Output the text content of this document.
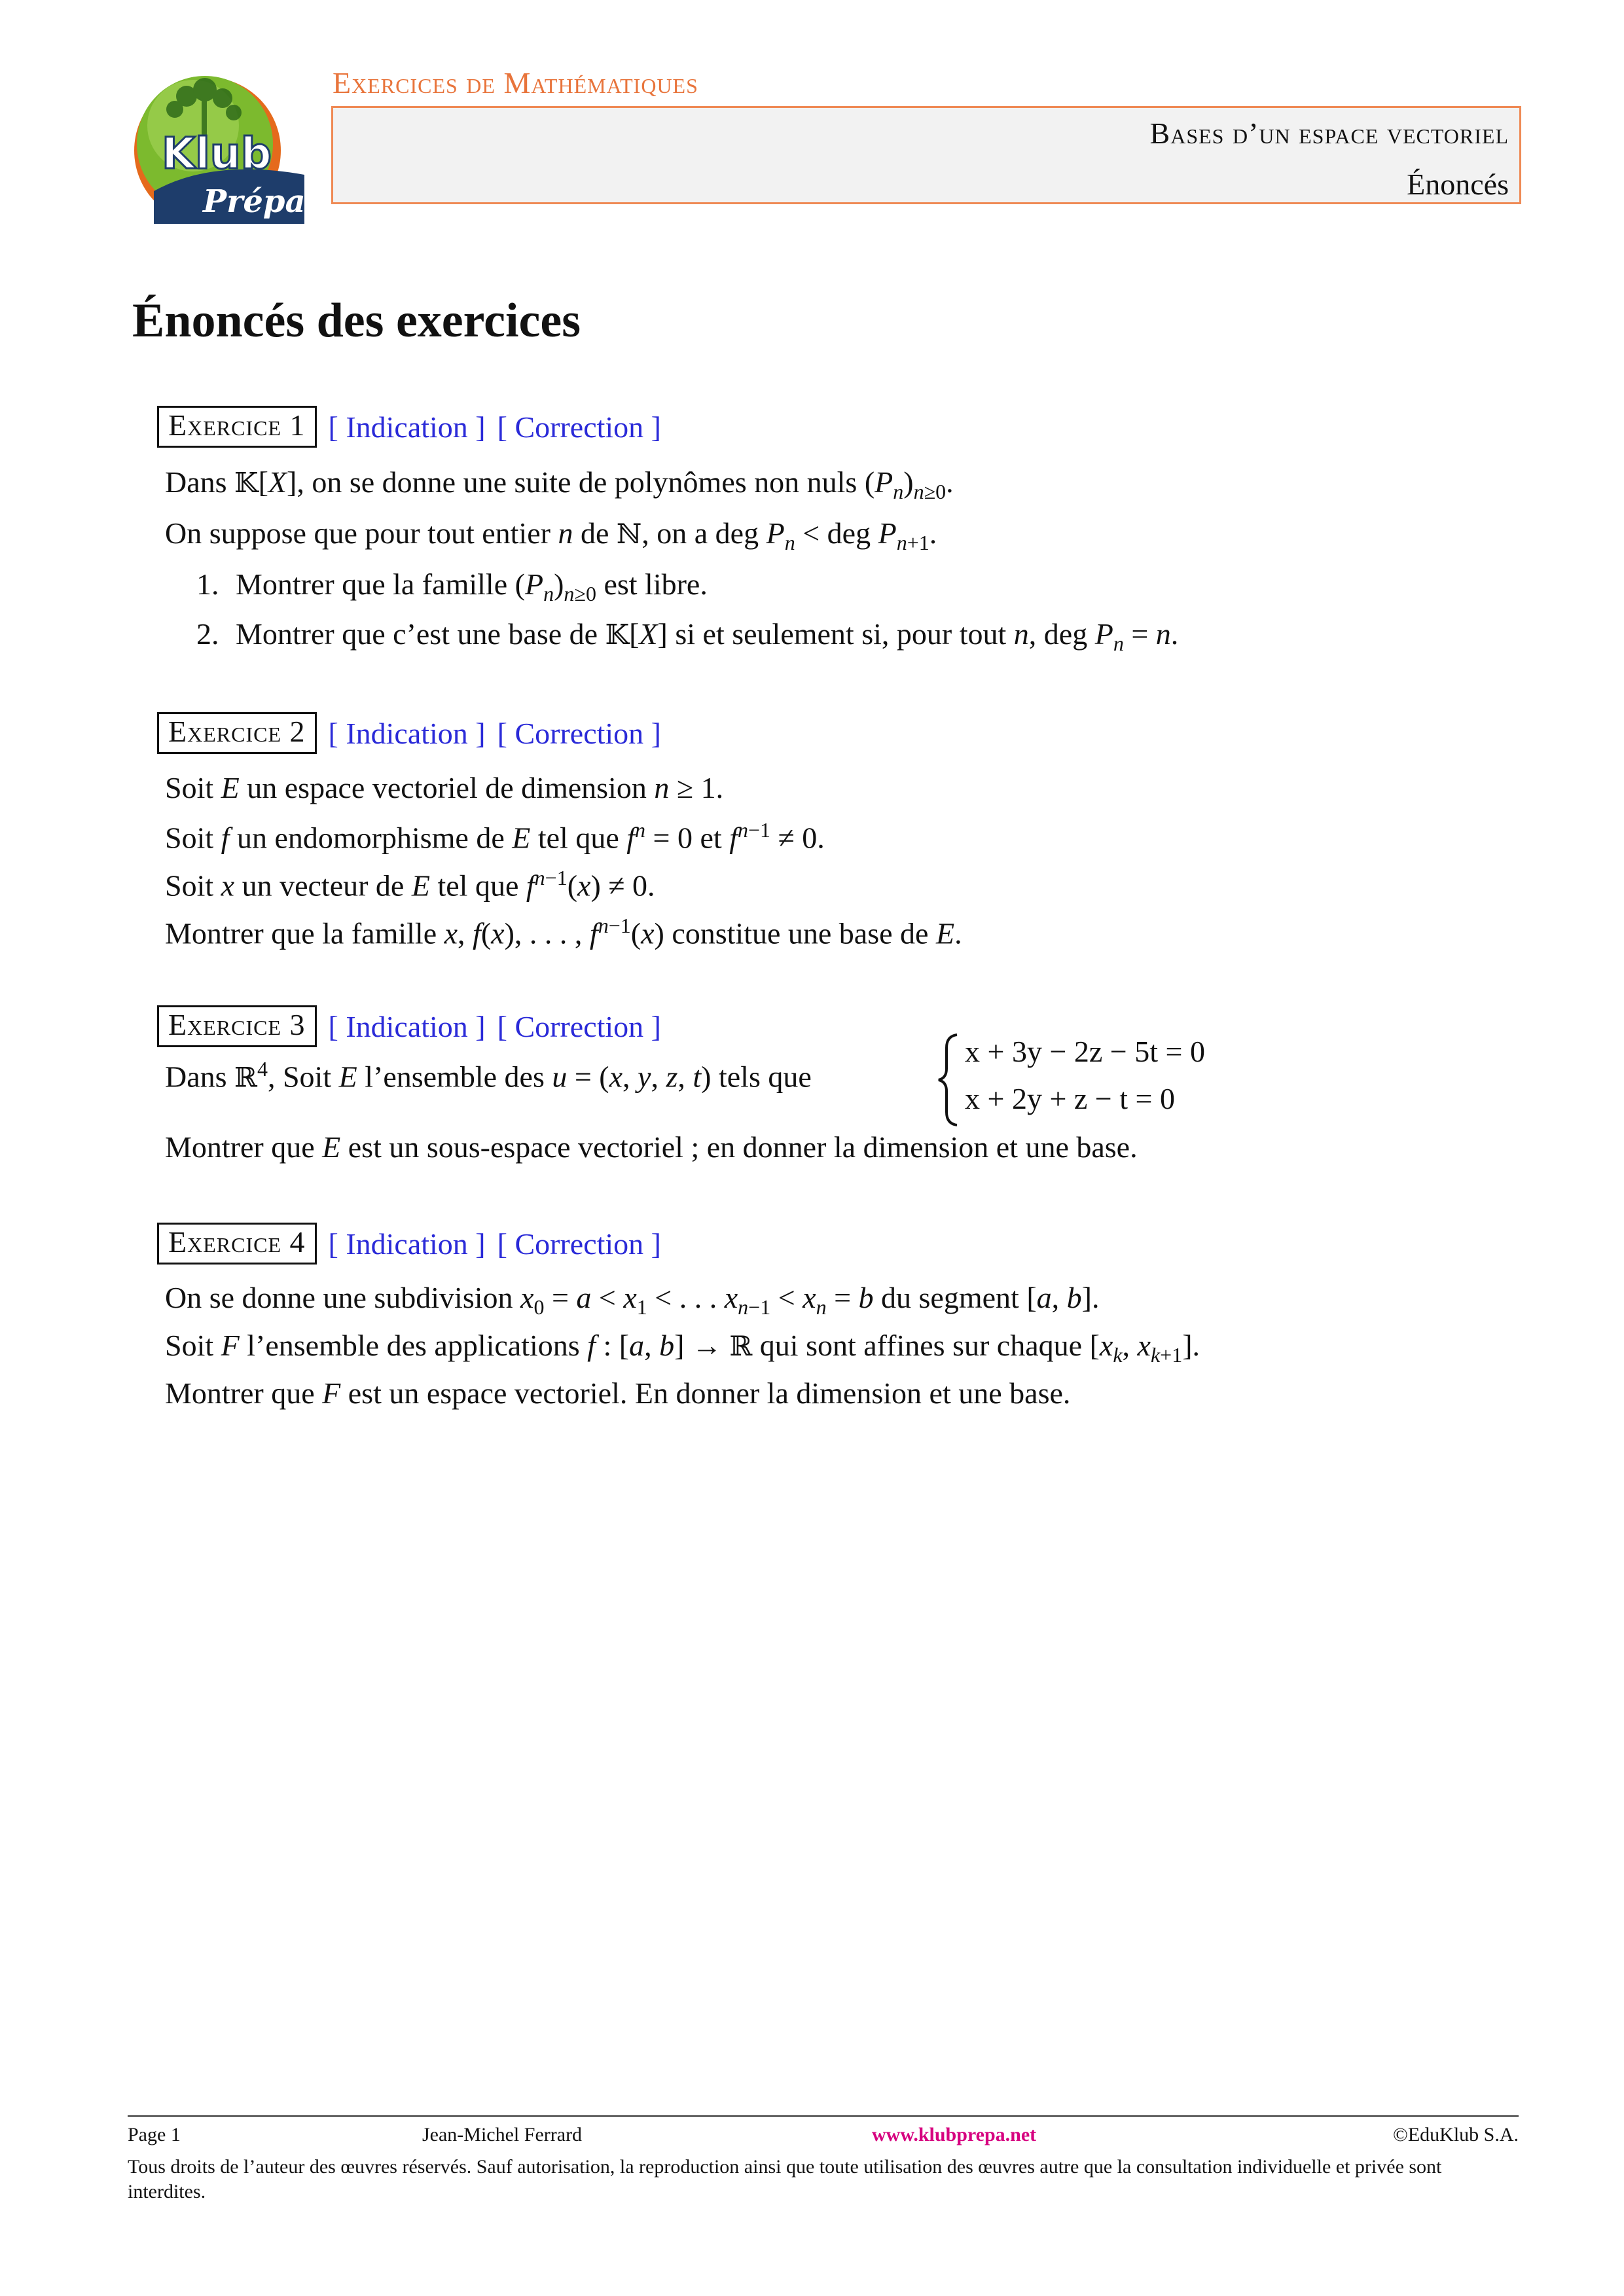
Klub
Prépa
Exercices de Mathématiques
Bases d’un espace vectoriel
Énoncés
Énoncés des exercices
Exercice 1 [ Indication ] [ Correction ]
Dans 𝕂[X], on se donne une suite de polynômes non nuls $(P_n)_{n\ge 0}$.
On suppose que pour tout entier n de ℕ, on a deg $P_n$ < deg $P_{n+1}$.
1. Montrer que la famille $(P_n)_{n\ge 0}$ est libre.
2. Montrer que c’est une base de 𝕂[X] si et seulement si, pour tout n, deg $P_n = n$.
Exercice 2 [ Indication ] [ Correction ]
Soit E un espace vectoriel de dimension n ≥ 1.
Soit f un endomorphisme de E tel que $f^n = 0$ et $f^{n-1} \ne 0$.
Soit x un vecteur de E tel que $f^{n-1}(x) \ne 0$.
Montrer que la famille x, f(x), . . . , $f^{n-1}(x)$ constitue une base de E.
Exercice 3 [ Indication ] [ Correction ]
Dans ℝ$^4$, Soit E l’ensemble des u = (x, y, z, t) tels que
x + 3y − 2z − 5t = 0
x + 2y + z − t = 0
Montrer que E est un sous-espace vectoriel ; en donner la dimension et une base.
Exercice 4 [ Indication ] [ Correction ]
On se donne une subdivision $x_0 = a < x_1$ < . . . $x_{n-1} < x_n = b$ du segment [a, b].
Soit F l’ensemble des applications f : [a, b] → ℝ qui sont affines sur chaque [$x_k$, $x_{k+1}$].
Montrer que F est un espace vectoriel. En donner la dimension et une base.
Page 1	Jean-Michel Ferrard	www.klubprepa.net	©EduKlub S.A.
Tous droits de l’auteur des œuvres réservés. Sauf autorisation, la reproduction ainsi que toute utilisation des œuvres autre que la consultation individuelle et privée sont interdites.
